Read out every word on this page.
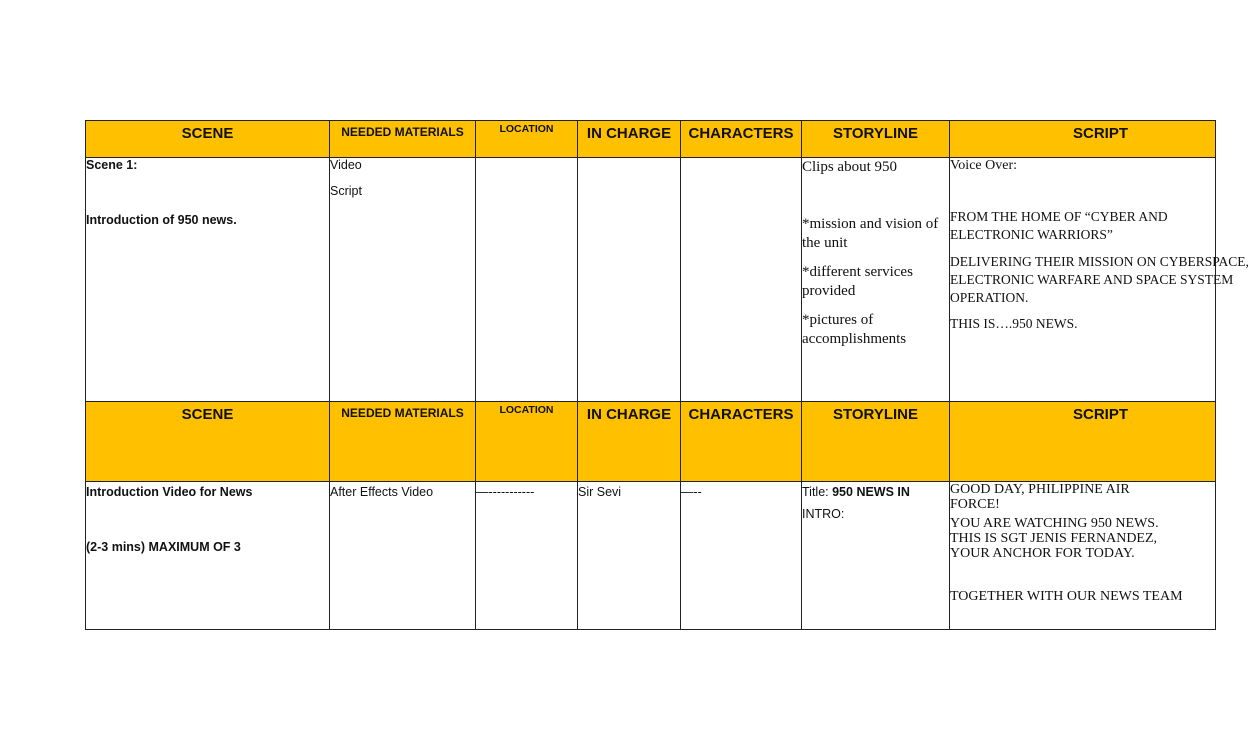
SCENE	NEEDED MATERIALS	LOCATION	IN CHARGE	CHARACTERS	STORYLINE	SCRIPT

Scene 1:
Introduction of 950 news.	Video
Script				Clips about 950
*mission and vision of the unit
*different services provided
*pictures of accomplishments	Voice Over:
FROM THE HOME OF “CYBER AND ELECTRONIC WARRIORS”
DELIVERING THEIR MISSION ON CYBERSPACE, ELECTRONIC WARFARE AND SPACE SYSTEM OPERATION.
THIS IS….950 NEWS.

SCENE	NEEDED MATERIALS	LOCATION	IN CHARGE	CHARACTERS	STORYLINE	SCRIPT

Introduction Video for News
(2-3 mins) MAXIMUM OF 3	After Effects Video	—-----------	Sir Sevi	—--	Title: 950 NEWS IN
INTRO:	GOOD DAY, PHILIPPINE AIR FORCE!
YOU ARE WATCHING 950 NEWS. THIS IS SGT JENIS FERNANDEZ, YOUR ANCHOR FOR TODAY.
TOGETHER WITH OUR NEWS TEAM
